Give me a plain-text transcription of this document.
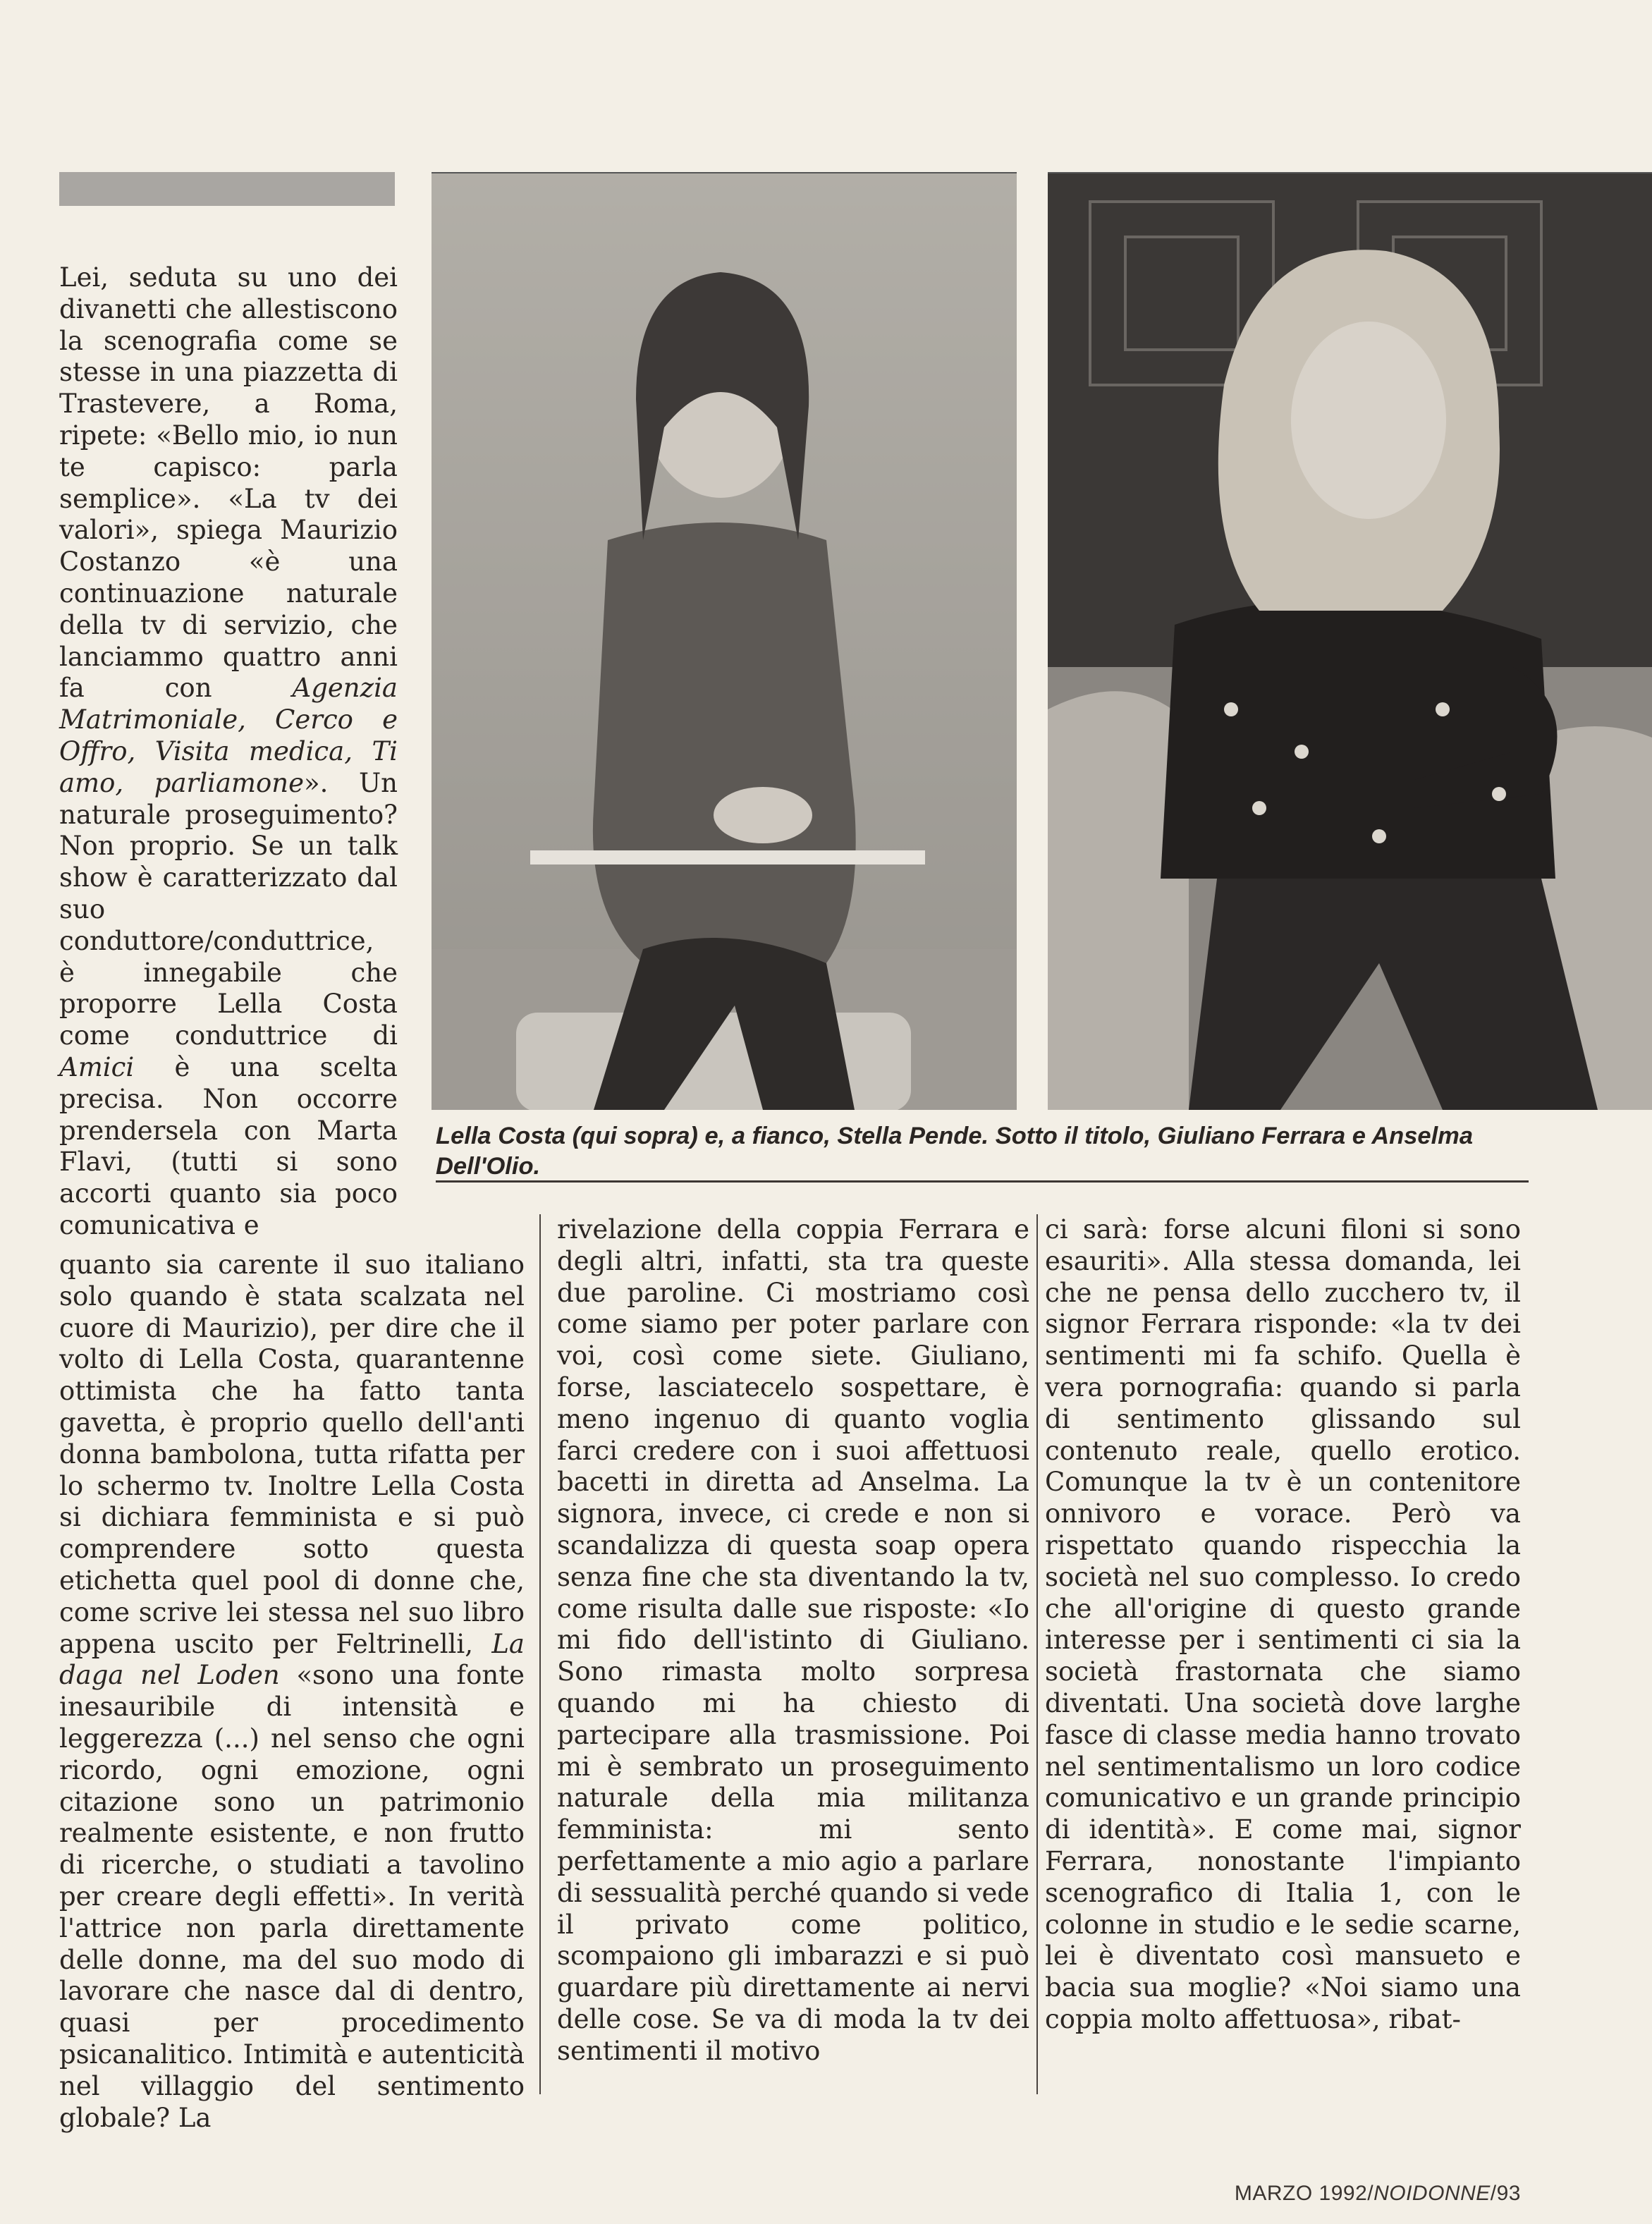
Lella Costa (qui sopra) e, a fianco, Stella Pende. Sotto il titolo, Giuliano Ferrara e Anselma Dell'Olio.

Lei, seduta su uno dei divanetti che allestiscono la scenografia come se stesse in una piazzetta di Trastevere, a Roma, ripete: «Bello mio, io nun te capisco: parla semplice». «La tv dei valori», spiega Maurizio Costanzo «è una continuazione naturale della tv di servizio, che lanciammo quattro anni fa con Agenzia Matrimoniale, Cerco e Offro, Visita medica, Ti amo, parliamone». Un naturale proseguimento? Non proprio. Se un talk show è caratterizzato dal suo conduttore/conduttrice, è innegabile che proporre Lella Costa come conduttrice di Amici è una scelta precisa. Non occorre prendersela con Marta Flavi, (tutti si sono accorti quanto sia poco comunicativa e

quanto sia carente il suo italiano solo quando è stata scalzata nel cuore di Maurizio), per dire che il volto di Lella Costa, quarantenne ottimista che ha fatto tanta gavetta, è proprio quello dell'anti donna bambolona, tutta rifatta per lo schermo tv. Inoltre Lella Costa si dichiara femminista e si può comprendere sotto questa etichetta quel pool di donne che, come scrive lei stessa nel suo libro appena uscito per Feltrinelli, La daga nel Loden «sono una fonte inesauribile di intensità e leggerezza (...) nel senso che ogni ricordo, ogni emozione, ogni citazione sono un patrimonio realmente esistente, e non frutto di ricerche, o studiati a tavolino per creare degli effetti». In verità l'attrice non parla direttamente delle donne, ma del suo modo di lavorare che nasce dal di dentro, quasi per procedimento psicanalitico. Intimità e autenticità nel villaggio del sentimento globale? La

rivelazione della coppia Ferrara e degli altri, infatti, sta tra queste due paroline. Ci mostriamo così come siamo per poter parlare con voi, così come siete. Giuliano, forse, lasciatecelo sospettare, è meno ingenuo di quanto voglia farci credere con i suoi affettuosi bacetti in diretta ad Anselma. La signora, invece, ci crede e non si scandalizza di questa soap opera senza fine che sta diventando la tv, come risulta dalle sue risposte: «Io mi fido dell'istinto di Giuliano. Sono rimasta molto sorpresa quando mi ha chiesto di partecipare alla trasmissione. Poi mi è sembrato un proseguimento naturale della mia militanza femminista: mi sento perfettamente a mio agio a parlare di sessualità perché quando si vede il privato come politico, scompaiono gli imbarazzi e si può guardare più direttamente ai nervi delle cose. Se va di moda la tv dei sentimenti il motivo

ci sarà: forse alcuni filoni si sono esauriti». Alla stessa domanda, lei che ne pensa dello zucchero tv, il signor Ferrara risponde: «la tv dei sentimenti mi fa schifo. Quella è vera pornografia: quando si parla di sentimento glissando sul contenuto reale, quello erotico. Comunque la tv è un contenitore onnivoro e vorace. Però va rispettato quando rispecchia la società nel suo complesso. Io credo che all'origine di questo grande interesse per i sentimenti ci sia la società frastornata che siamo diventati. Una società dove larghe fasce di classe media hanno trovato nel sentimentalismo un loro codice comunicativo e un grande principio di identità». E come mai, signor Ferrara, nonostante l'impianto scenografico di Italia 1, con le colonne in studio e le sedie scarne, lei è diventato così mansueto e bacia sua moglie? «Noi siamo una coppia molto affettuosa», ribat-

MARZO 1992/NOIDONNE/93
